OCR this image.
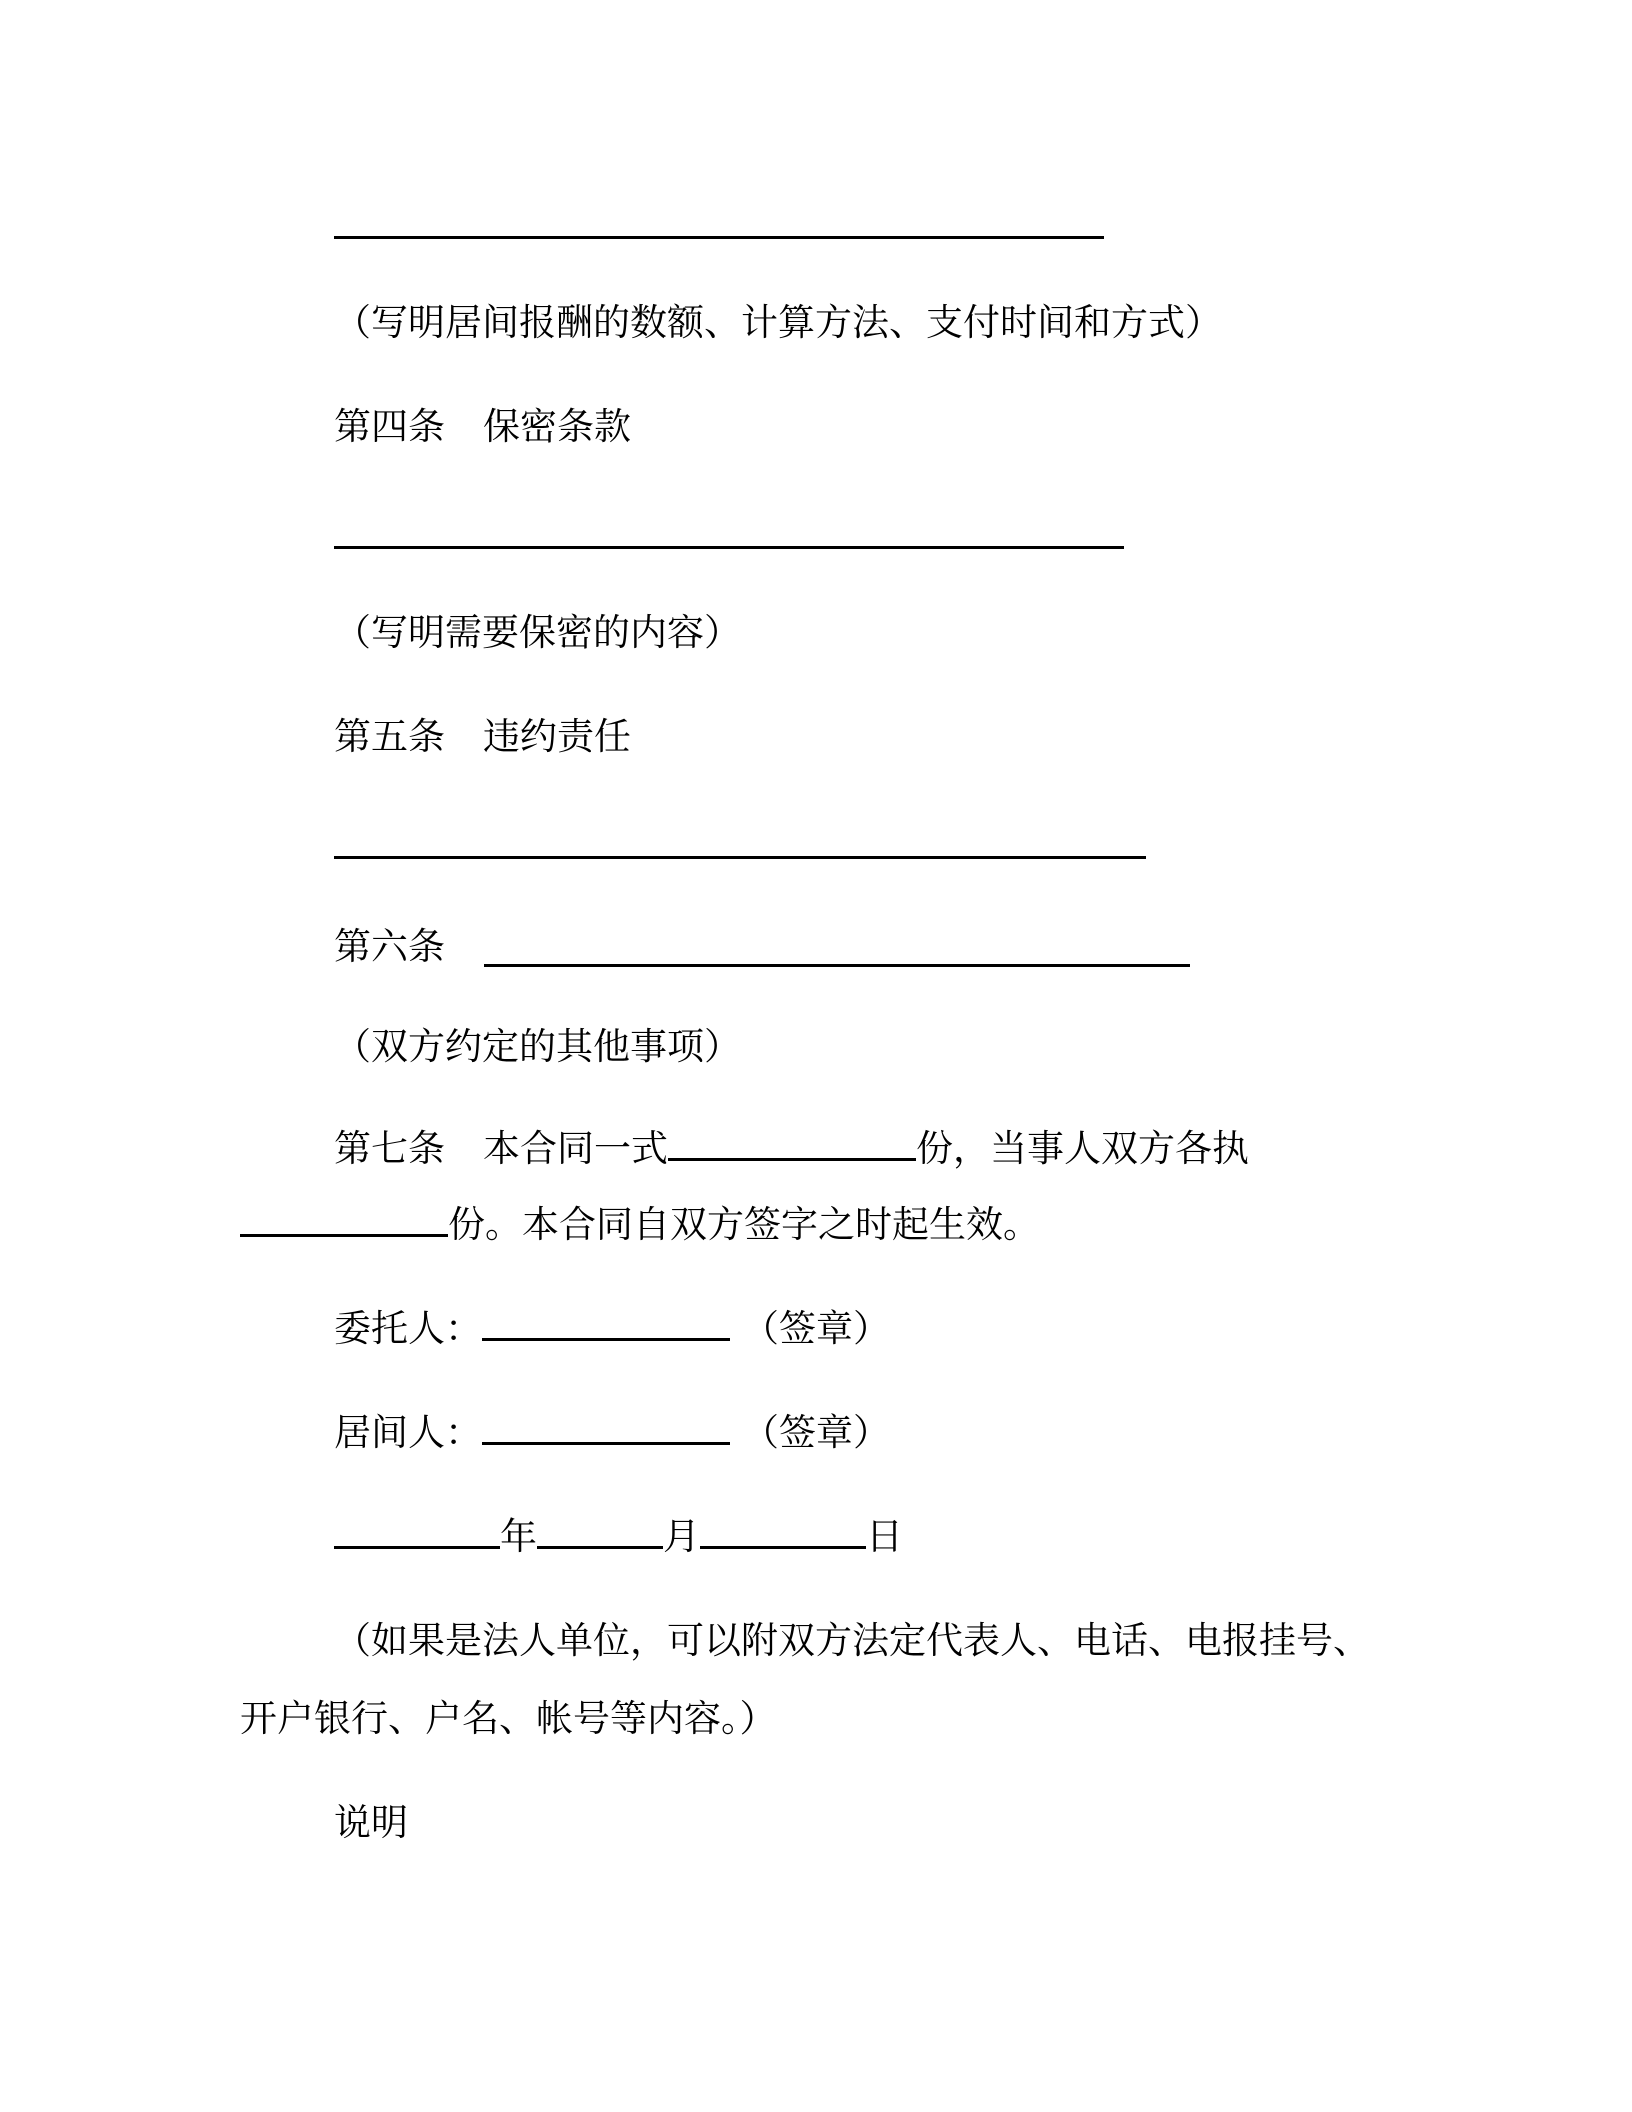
（写明居间报酬的数额、计算方法、支付时间和方式）
第四条 保密条款
（写明需要保密的内容）
第五条 违约责任
第六条
（双方约定的其他事项）
第七条 本合同一式	份，当事人双方各执
份。本合同自双方签字之时起生效。
委托人：	（签章）
居间人：	（签章）
年	月	日
（如果是法人单位，可以附双方法定代表人、电话、电报挂号、
开户银行、户名、帐号等内容。）
说明
